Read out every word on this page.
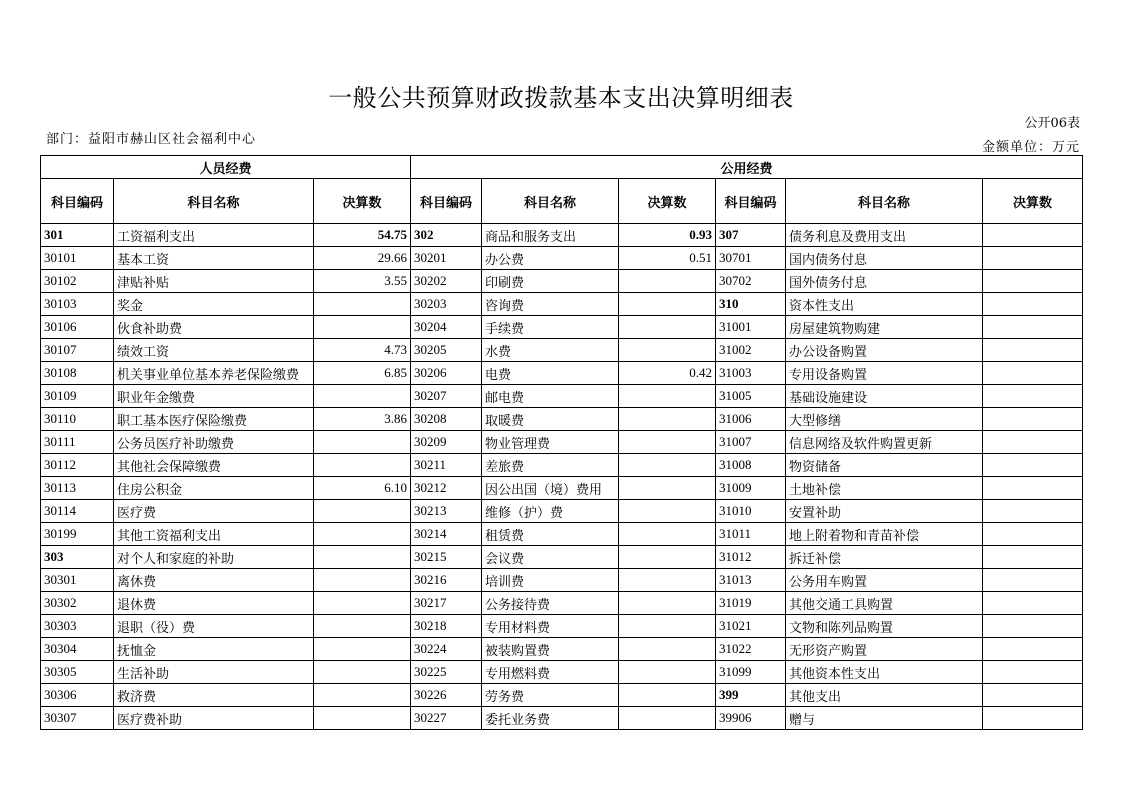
一般公共预算财政拨款基本支出决算明细表
公开06表
部门：益阳市赫山区社会福利中心
金额单位：万元
人员经费			公用经费					
科目编码	科目名称	决算数	科目编码	科目名称	决算数	科目编码	科目名称	决算数
301	工资福利支出	54.75	302	商品和服务支出	0.93	307	债务利息及费用支出	
30101	基本工资	29.66	30201	办公费	0.51	30701	国内债务付息	
30102	津贴补贴	3.55	30202	印刷费		30702	国外债务付息	
30103	奖金		30203	咨询费		310	资本性支出	
30106	伙食补助费		30204	手续费		31001	房屋建筑物购建	
30107	绩效工资	4.73	30205	水费		31002	办公设备购置	
30108	机关事业单位基本养老保险缴费	6.85	30206	电费	0.42	31003	专用设备购置	
30109	职业年金缴费		30207	邮电费		31005	基础设施建设	
30110	职工基本医疗保险缴费	3.86	30208	取暖费		31006	大型修缮	
30111	公务员医疗补助缴费		30209	物业管理费		31007	信息网络及软件购置更新	
30112	其他社会保障缴费		30211	差旅费		31008	物资储备	
30113	住房公积金	6.10	30212	因公出国（境）费用		31009	土地补偿	
30114	医疗费		30213	维修（护）费		31010	安置补助	
30199	其他工资福利支出		30214	租赁费		31011	地上附着物和青苗补偿	
303	对个人和家庭的补助		30215	会议费		31012	拆迁补偿	
30301	离休费		30216	培训费		31013	公务用车购置	
30302	退休费		30217	公务接待费		31019	其他交通工具购置	
30303	退职（役）费		30218	专用材料费		31021	文物和陈列品购置	
30304	抚恤金		30224	被装购置费		31022	无形资产购置	
30305	生活补助		30225	专用燃料费		31099	其他资本性支出	
30306	救济费		30226	劳务费		399	其他支出	
30307	医疗费补助		30227	委托业务费		39906	赠与	
